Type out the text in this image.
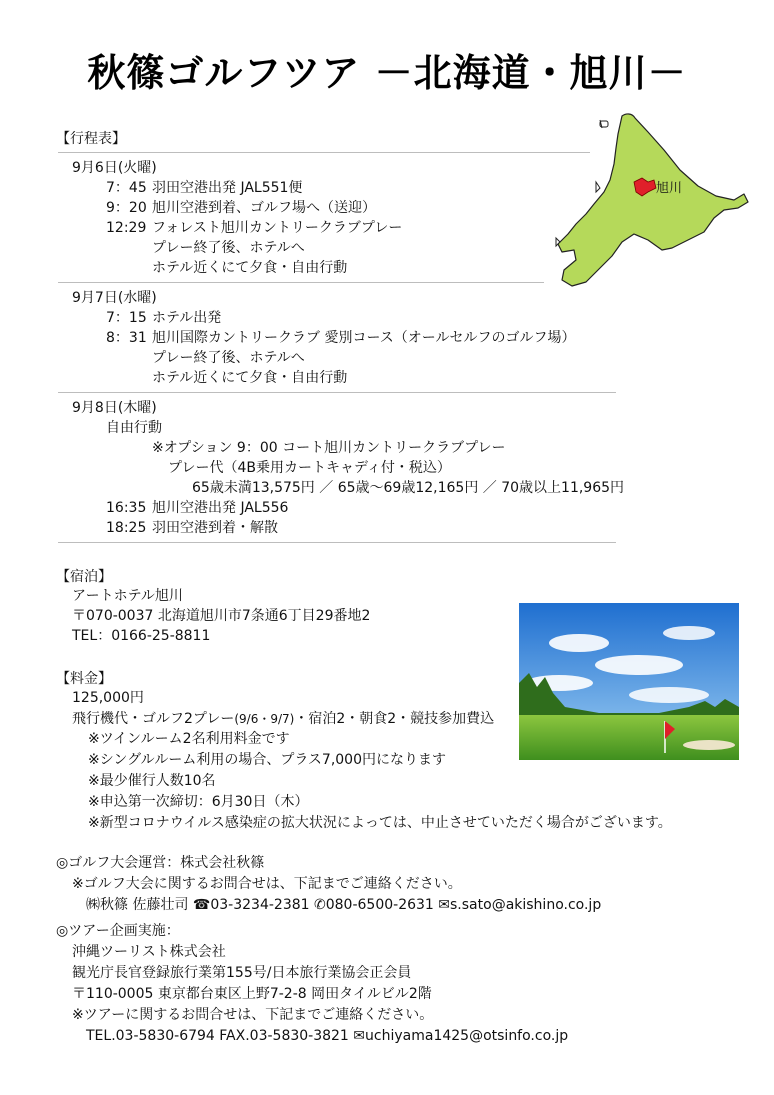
秋篠ゴルフツア －北海道・旭川－
【行程表】
9月6日(火曜)
7：45 羽田空港出発 JAL551便
9：20 旭川空港到着、ゴルフ場へ（送迎）
12:29 フォレスト旭川カントリークラブプレー
プレー終了後、ホテルへ
ホテル近くにて夕食・自由行動
9月7日(水曜)
7：15 ホテル出発
8：31 旭川国際カントリークラブ 愛別コース（オールセルフのゴルフ場）
プレー終了後、ホテルへ
ホテル近くにて夕食・自由行動
9月8日(木曜)
自由行動
※オプション 9：00 コート旭川カントリークラブプレー
プレー代（4B乗用カートキャディ付・税込）
65歳未満13,575円 ／ 65歳～69歳12,165円 ／ 70歳以上11,965円
16:35 旭川空港出発 JAL556
18:25 羽田空港到着・解散
旭川
【宿泊】
アートホテル旭川
〒070-0037 北海道旭川市7条通6丁目29番地2
TEL：0166-25-8811
【料金】
125,000円
飛行機代・ゴルフ2プレー(9/6・9/7)・宿泊2・朝食2・競技参加費込
※ツインルーム2名利用料金です
※シングルルーム利用の場合、プラス7,000円になります
※最少催行人数10名
※申込第一次締切：6月30日（木）
※新型コロナウイルス感染症の拡大状況によっては、中止させていただく場合がございます。
◎ゴルフ大会運営：株式会社秋篠
※ゴルフ大会に関するお問合せは、下記までご連絡ください。
㈱秋篠 佐藤壮司 ☎03-3234-2381 ✆080-6500-2631 ✉s.sato@akishino.co.jp
◎ツアー企画実施：
沖縄ツーリスト株式会社
観光庁長官登録旅行業第155号/日本旅行業協会正会員
〒110-0005 東京都台東区上野7-2-8 岡田タイルビル2階
※ツアーに関するお問合せは、下記までご連絡ください。
TEL.03-5830-6794 FAX.03-5830-3821 ✉uchiyama1425@otsinfo.co.jp
